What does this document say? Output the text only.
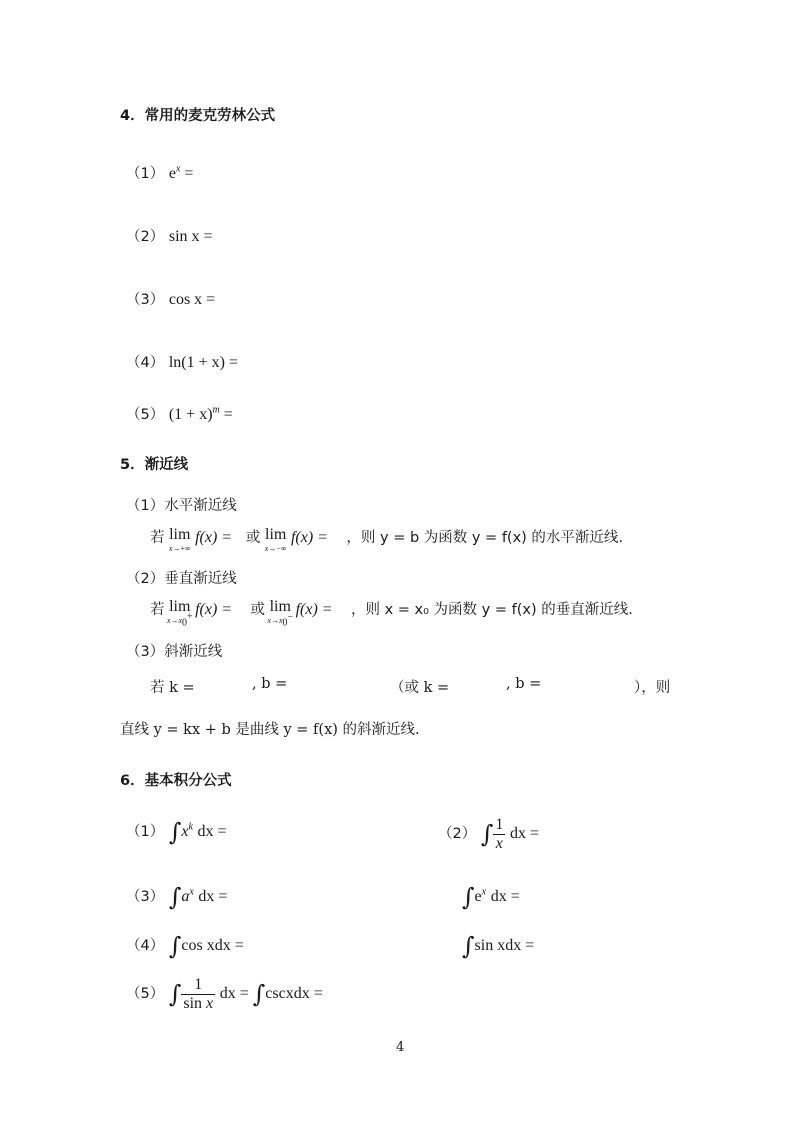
4．常用的麦克劳林公式
（1） $e^x$ =
（2） sin x =
（3） cos x =
（4） ln(1 + x) =
（5） $(1 + x)^m$ =
5．渐近线
（1）水平渐近线
若 lim
x→+∞
f(x) = 或 lim
x→−∞
f(x) = ，则 y = b 为函数 y = f(x) 的水平渐近线.
（2）垂直渐近线
若 lim
$x\to x_0^+$ f(x) = 或 lim
$x\to x_0^-$ f(x) = ，则 x = x₀ 为函数 y = f(x) 的垂直渐近线.
（3）斜渐近线
若 k =	, b =	（或 k =	, b =	），则
直线 y = kx + b 是曲线 y = f(x) 的斜渐近线.
6．基本积分公式
（1） $\int x^k$ dx =	（2） ∫ $\frac{1}{x}$ dx =
（3） $\int a^x$ dx =	$\int e^x$ dx =
（4） ∫cos xdx =	∫sin xdx =
（5） ∫ $\frac{1}{\text{sin x}}$ dx = ∫cscxdx =
4
